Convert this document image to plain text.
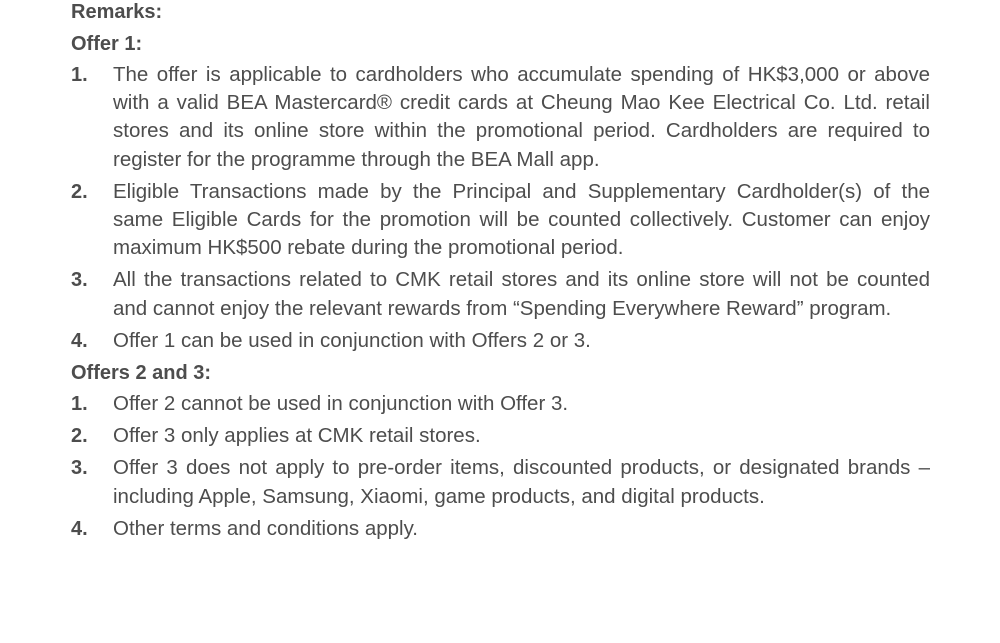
Remarks:
Offer 1:
1.	The offer is applicable to cardholders who accumulate spending of HK$3,000 or above with a valid BEA Mastercard® credit cards at Cheung Mao Kee Electrical Co. Ltd. retail stores and its online store within the promotional period. Cardholders are required to register for the programme through the BEA Mall app.
2.	Eligible Transactions made by the Principal and Supplementary Cardholder(s) of the same Eligible Cards for the promotion will be counted collectively. Customer can enjoy maximum HK$500 rebate during the promotional period.
3.	All the transactions related to CMK retail stores and its online store will not be counted and cannot enjoy the relevant rewards from “Spending Everywhere Reward” program.
4.	Offer 1 can be used in conjunction with Offers 2 or 3.
Offers 2 and 3:
1.	Offer 2 cannot be used in conjunction with Offer 3.
2.	Offer 3 only applies at CMK retail stores.
3.	Offer 3 does not apply to pre-order items, discounted products, or designated brands – including Apple, Samsung, Xiaomi, game products, and digital products.
4.	Other terms and conditions apply.
